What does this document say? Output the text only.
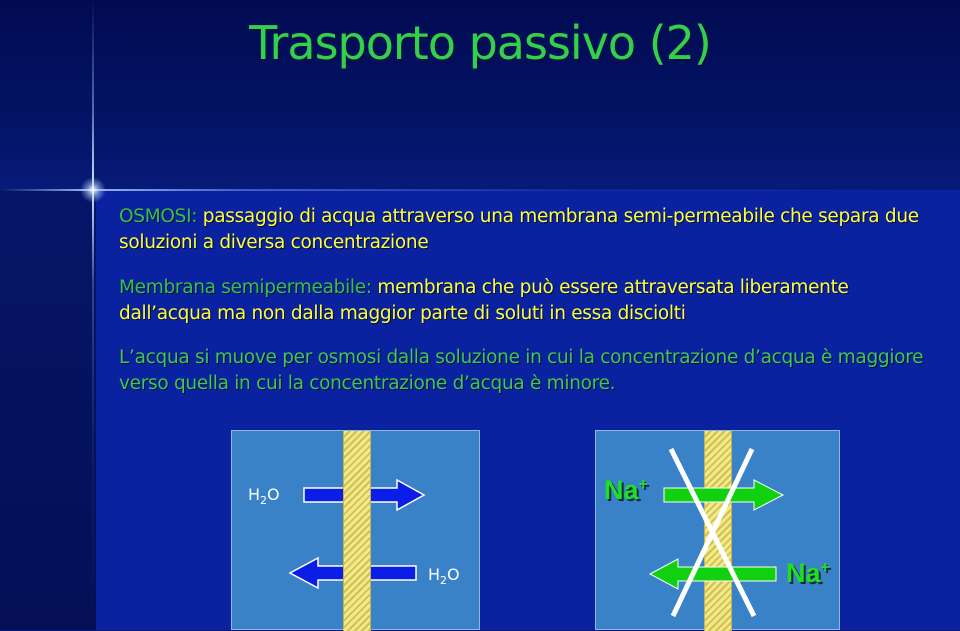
Trasporto passivo (2)
OSMOSI: passaggio di acqua attraverso una membrana semi-permeabile che separa due soluzioni a diversa concentrazione
Membrana semipermeabile: membrana che può essere attraversata liberamente dall’acqua ma non dalla maggior parte di soluti in essa disciolti
L’acqua si muove per osmosi dalla soluzione in cui la concentrazione d’acqua è maggiore verso quella in cui la concentrazione d’acqua è minore.
$H_2O$
$H_2O$
Na+
Na+
